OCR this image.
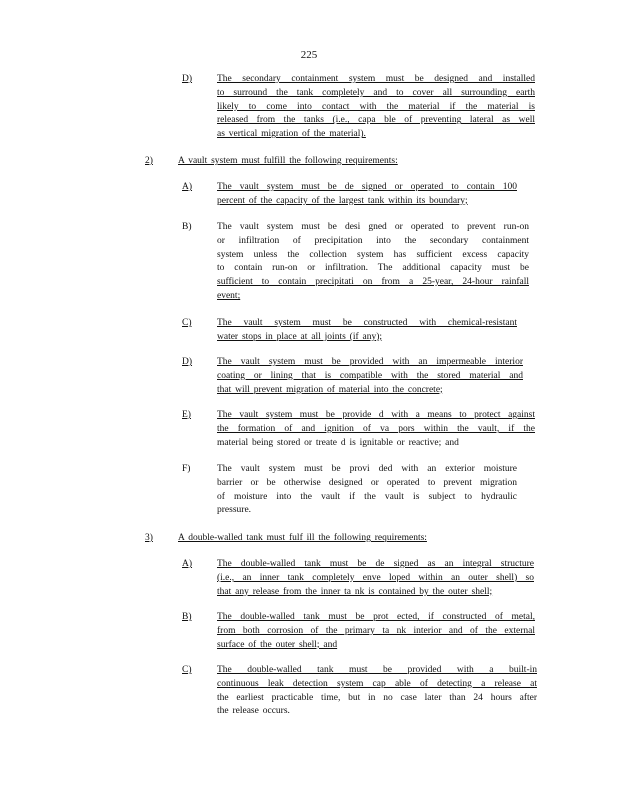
225
D)	The secondary containment system must be designed and installed
to surround the tank completely and to cover all surrounding earth
likely to come into contact with the material if the material is
released from the tanks (i.e., capa ble of preventing lateral as well
as vertical migration of the material).
2)	A vault system must fulfill the following requirements:
A)	The vault system must be de signed or operated to contain 100
percent of the capacity of the largest tank within its boundary;
B)	The vault system must be desi gned or operated to prevent run-on
or infiltration of precipitation into the secondary containment
system unless the collection system has sufficient excess capacity
to contain run-on or infiltration. The additional capacity must be
sufficient to contain precipitati on from a 25-year, 24-hour rainfall
event;
C)	The vault system must be constructed with chemical-resistant
water stops in place at all joints (if any);
D)	The vault system must be provided with an impermeable interior
coating or lining that is compatible with the stored material and
that will prevent migration of material into the concrete;
E)	The vault system must be provide d with a means to protect against
the formation of and ignition of va pors within the vault, if the
material being stored or treate d is ignitable or reactive; and
F)	The vault system must be provi ded with an exterior moisture
barrier or be otherwise designed or operated to prevent migration
of moisture into the vault if the vault is subject to hydraulic
pressure.
3)	A double-walled tank must fulf ill the following requirements:
A)	The double-walled tank must be de signed as an integral structure
(i.e., an inner tank completely enve loped within an outer shell) so
that any release from the inner ta nk is contained by the outer shell;
B)	The double-walled tank must be prot ected, if constructed of metal,
from both corrosion of the primary ta nk interior and of the external
surface of the outer shell; and
C)	The double-walled tank must be provided with a built-in
continuous leak detection system cap able of detecting a release at
the earliest practicable time, but in no case later than 24 hours after
the release occurs.
